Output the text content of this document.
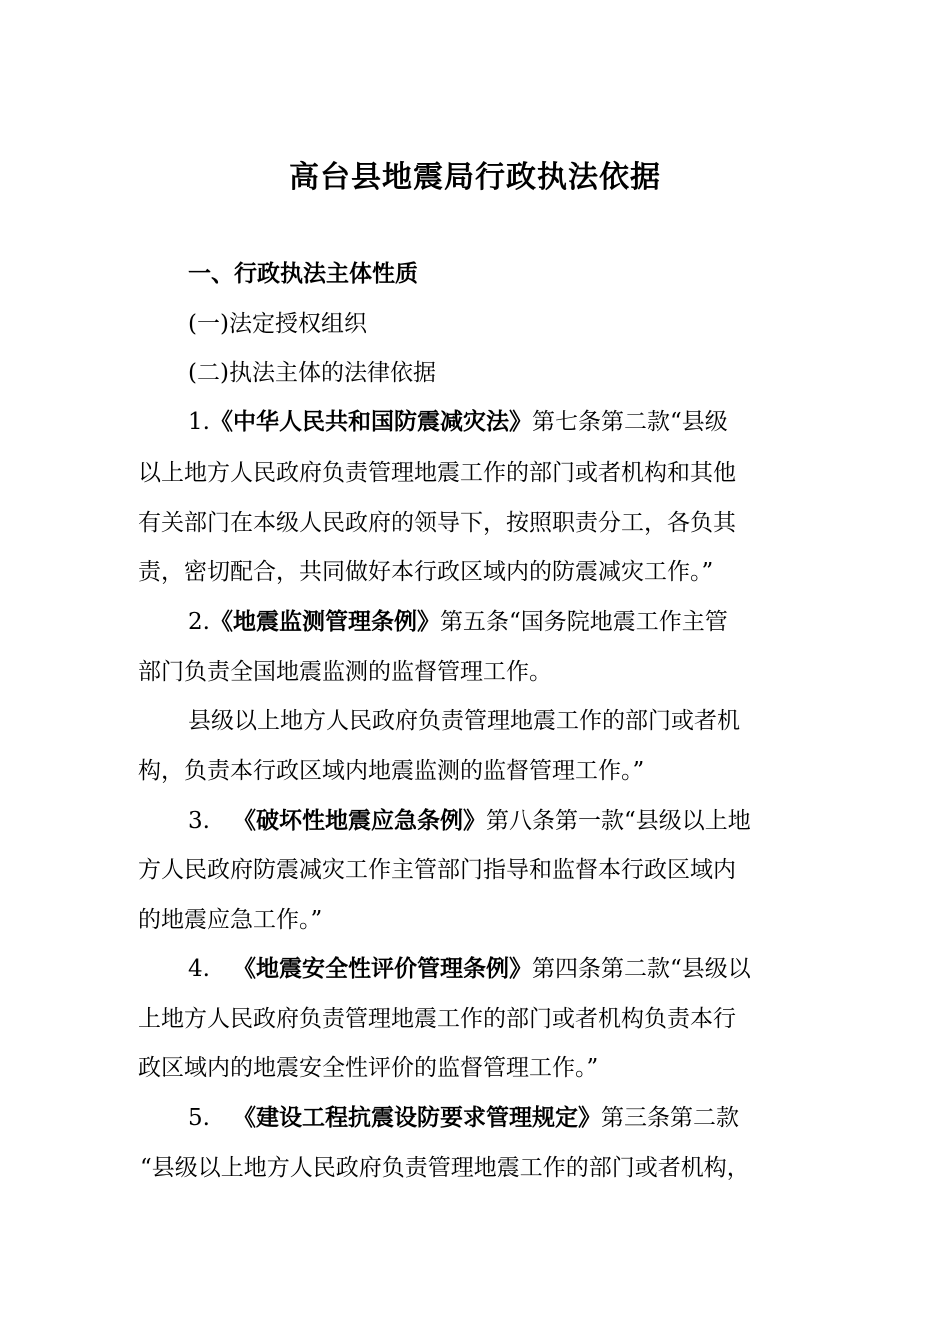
高台县地震局行政执法依据
一、行政执法主体性质
(一)法定授权组织
(二)执法主体的法律依据
1.《中华人民共和国防震减灾法》第七条第二款“县级
以上地方人民政府负责管理地震工作的部门或者机构和其他
有关部门在本级人民政府的领导下，按照职责分工，各负其
责，密切配合，共同做好本行政区域内的防震减灾工作。”
2.《地震监测管理条例》第五条“国务院地震工作主管
部门负责全国地震监测的监督管理工作。
县级以上地方人民政府负责管理地震工作的部门或者机
构，负责本行政区域内地震监测的监督管理工作。”
3.  《破坏性地震应急条例》第八条第一款“县级以上地
方人民政府防震减灾工作主管部门指导和监督本行政区域内
的地震应急工作。”
4.  《地震安全性评价管理条例》第四条第二款“县级以
上地方人民政府负责管理地震工作的部门或者机构负责本行
政区域内的地震安全性评价的监督管理工作。”
5.  《建设工程抗震设防要求管理规定》第三条第二款
“县级以上地方人民政府负责管理地震工作的部门或者机构，
